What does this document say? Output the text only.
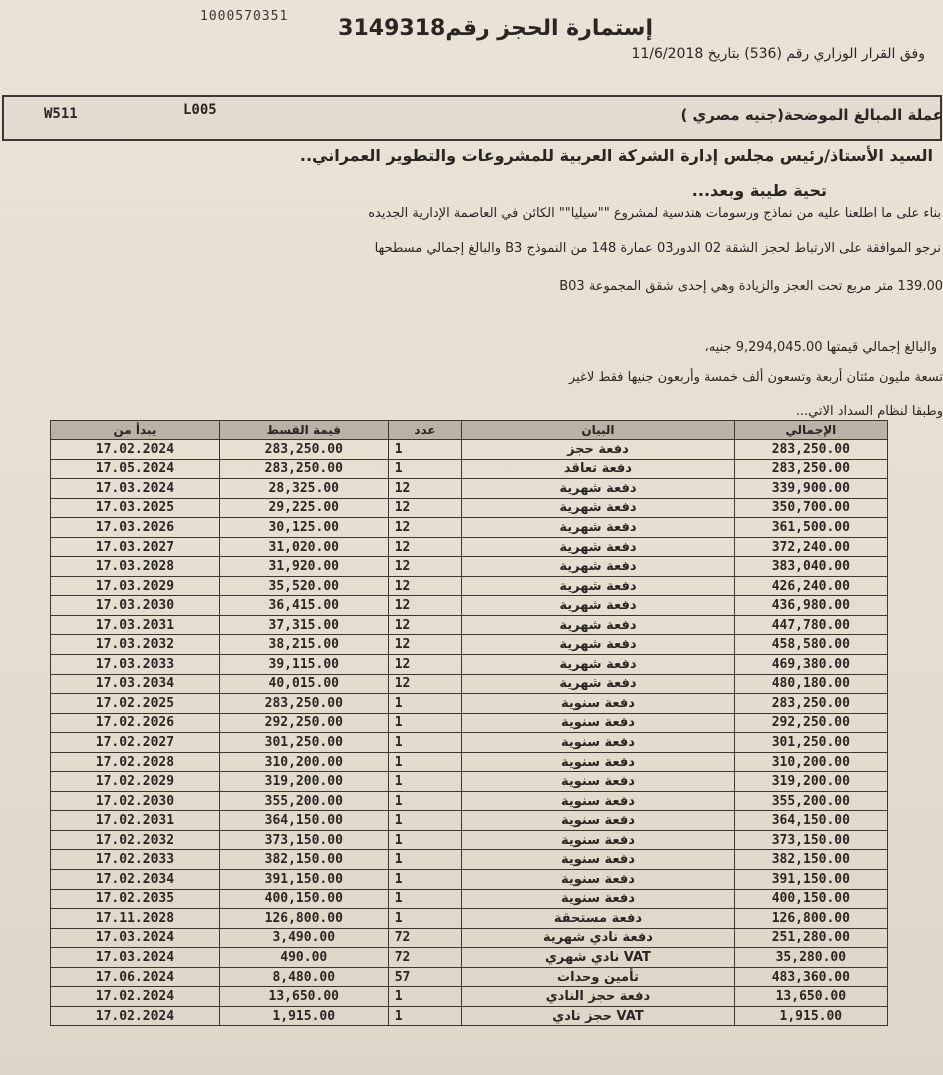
1000570351 إستمارة الحجز رقم3149318
وفق القرار الوزاري رقم (536) بتاريخ 11/6/2018
W511	L005	عملة المبالغ الموضحة(جنيه مصري )
السيد الأستاذ/رئيس مجلس إدارة الشركة العربية للمشروعات والتطوير العمراني..
تحية طيبة وبعد...
بناء على ما اطلعنا عليه من نماذج ورسومات هندسية لمشروع ""سيليا"" الكائن في العاصمة الإدارية الجديده
نرجو الموافقة على الارتباط لحجز الشقة 02 الدور03 عمارة 148 من النموذج B3 والبالغ إجمالي مسطحها
139.00 متر مربع تحت العجز والزيادة وهي إحدى شقق المجموعة B03
والبالغ إجمالي قيمتها 9,294,045.00 جنيه،
تسعة مليون مئتان أربعة وتسعون ألف خمسة وأربعون جنيها فقط لاغير
وطبقا لنظام السداد الاتي...
يبدأ من	قيمة القسط	عدد	البيان	الإجمالي
17.02.2024	283,250.00	1	دفعة حجز	283,250.00
17.05.2024	283,250.00	1	دفعة تعاقد	283,250.00
17.03.2024	28,325.00	12	دفعة شهرية	339,900.00
17.03.2025	29,225.00	12	دفعة شهرية	350,700.00
17.03.2026	30,125.00	12	دفعة شهرية	361,500.00
17.03.2027	31,020.00	12	دفعة شهرية	372,240.00
17.03.2028	31,920.00	12	دفعة شهرية	383,040.00
17.03.2029	35,520.00	12	دفعة شهرية	426,240.00
17.03.2030	36,415.00	12	دفعة شهرية	436,980.00
17.03.2031	37,315.00	12	دفعة شهرية	447,780.00
17.03.2032	38,215.00	12	دفعة شهرية	458,580.00
17.03.2033	39,115.00	12	دفعة شهرية	469,380.00
17.03.2034	40,015.00	12	دفعة شهرية	480,180.00
17.02.2025	283,250.00	1	دفعة سنوية	283,250.00
17.02.2026	292,250.00	1	دفعة سنوية	292,250.00
17.02.2027	301,250.00	1	دفعة سنوية	301,250.00
17.02.2028	310,200.00	1	دفعة سنوية	310,200.00
17.02.2029	319,200.00	1	دفعة سنوية	319,200.00
17.02.2030	355,200.00	1	دفعة سنوية	355,200.00
17.02.2031	364,150.00	1	دفعة سنوية	364,150.00
17.02.2032	373,150.00	1	دفعة سنوية	373,150.00
17.02.2033	382,150.00	1	دفعة سنوية	382,150.00
17.02.2034	391,150.00	1	دفعة سنوية	391,150.00
17.02.2035	400,150.00	1	دفعة سنوية	400,150.00
17.11.2028	126,800.00	1	دفعة مستحقة	126,800.00
17.03.2024	3,490.00	72	دفعة نادي شهرية	251,280.00
17.03.2024	490.00	72	VAT نادي شهري	35,280.00
17.06.2024	8,480.00	57	تأمين وحدات	483,360.00
17.02.2024	13,650.00	1	دفعة حجز النادي	13,650.00
17.02.2024	1,915.00	1	VAT حجز نادي	1,915.00
